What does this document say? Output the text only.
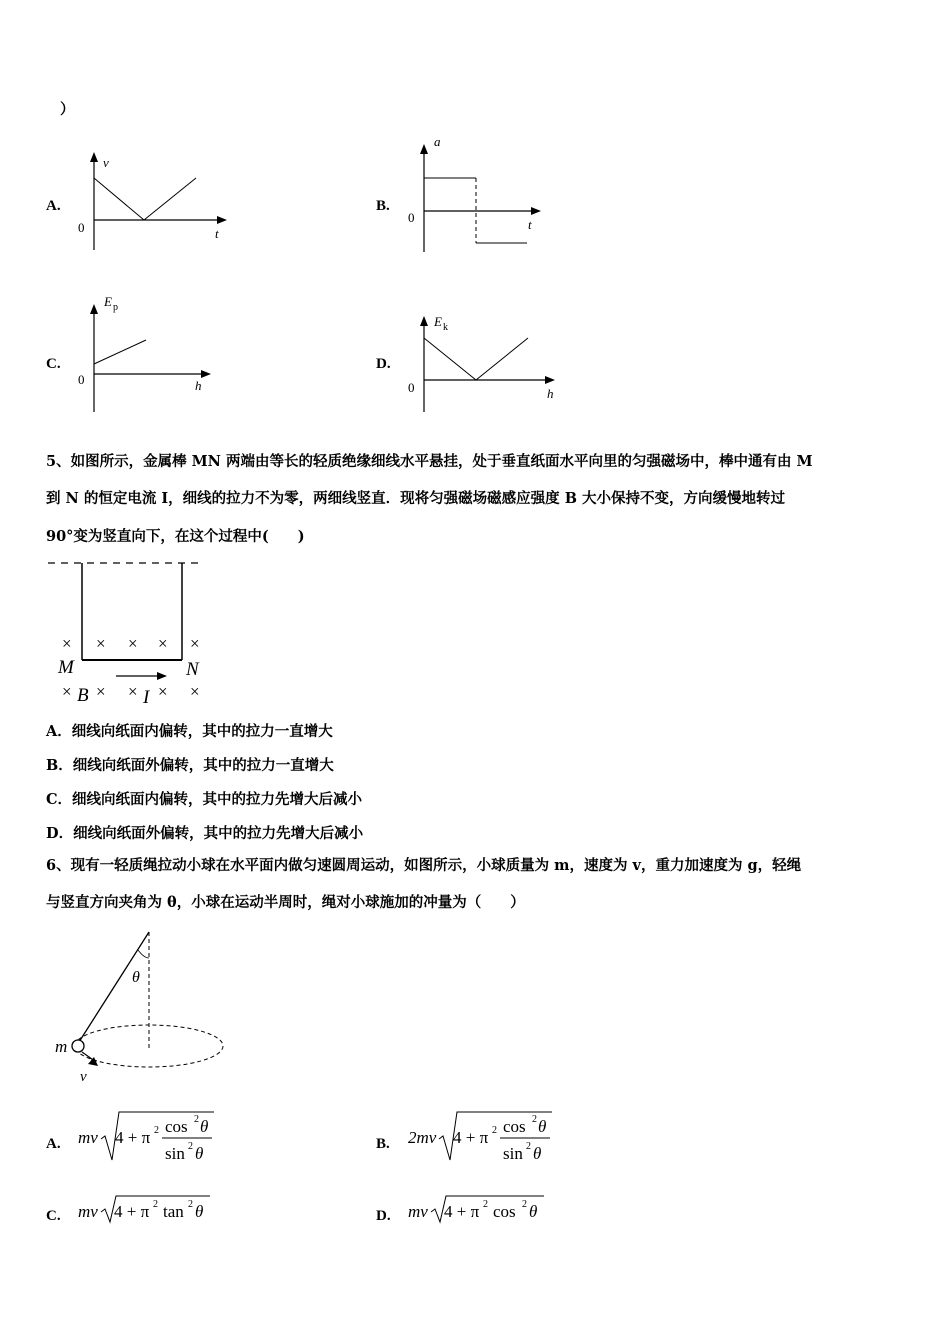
）
A.
v
t
0
B.
a
t
0
C.
E p
h
0
D.
E k
h
0
5、如图所示，金属棒 MN 两端由等长的轻质绝缘细线水平悬挂，处于垂直纸面水平向里的匀强磁场中，棒中通有由 M
到 N 的恒定电流 I，细线的拉力不为零，两细线竖直．现将匀强磁场磁感应强度 B 大小保持不变，方向缓慢地转过
90°变为竖直向下，在这个过程中(　　)
× × × × ×
× × × × ×
M	N
B	I
A．细线向纸面内偏转，其中的拉力一直增大
B．细线向纸面外偏转，其中的拉力一直增大
C．细线向纸面内偏转，其中的拉力先增大后减小
D．细线向纸面外偏转，其中的拉力先增大后减小
6、现有一轻质绳拉动小球在水平面内做匀速圆周运动，如图所示，小球质量为 m，速度为 v，重力加速度为 g，轻绳
与竖直方向夹角为 θ，小球在运动半周时，绳对小球施加的冲量为（　　）
θ
m
v
A. mv 4 + π 2 cos 2 θ
sin 2 θ	B. 2mv 4 + π 2 cos 2 θ
sin 2 θ
C. mv 4 + π 2 tan 2 θ	D. mv 4 + π 2 cos 2 θ
